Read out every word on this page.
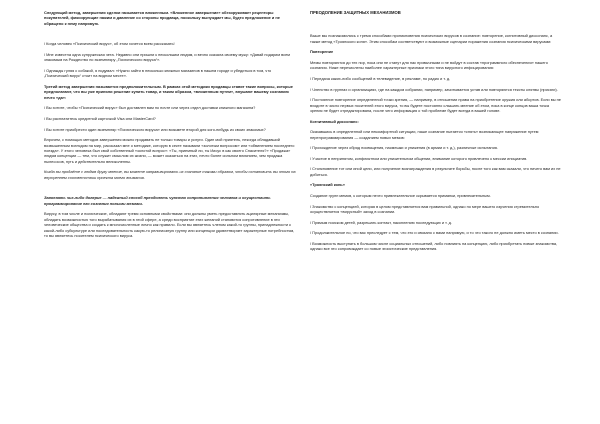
Следующий метод, завершения сделки называется вложенным. «Вложенное завершение» обезоруживает рецепторы покупателей, фиксирующие нажим и давление со стороны продавца, поскольку вынуждает мы, будто предложение и не обращено к нему напрямую.

/ Когда человек «Психический вирус», об этом хочется всем рассказать!

/ Мне известна одна супружеская чета. Недавно они пришли к нескольким людям, и вечно сказала своему мужу: «Давай подарим всем знакомым на Рождество по экземпляру „Психического вируса“».

/ Однажды гуляя с собакой, я подумал: «Нужно зайти в несколько книжных магазинов в нашем городе и убедиться в том, что „Психический вирус“ стоит на видном месте».

Третий метод завершения называется предположительным. В рамках этой методики продавцы ставят такие вопросы, которые предполагают, что вы уже приняли решение купить товар, и таким образом, «вложенным путем», внушают вашему сознанию нечто «да»:

/ Вы хотите, чтобы «Психический вирус» был доставлен вам по почте или через отдел доставки книжного магазина?

/ Вы расплатитесь кредитной карточкой Visa или MasterCard?

/ Вы хотите приобрести один экземпляр «Психического вируса» или возьмете второй для кого-нибудь из своих знакомых?

Впрочем, с помощью методов завершения можно продавать не только товары и услуги. Один мой приятель, некогда обладавший возвышенным взглядом на мир, рассказал мне о методике, которую в секте называли «золотым вопросом» или «обвинением последнего поезда». У этого человека был свой собственный «золотой вопрос»: «Ты, приемный ли, ты Иисус в как своего Спасителя?» «Продажа» людям концепции — тем, что служит смыслом их жизни, — может оказаться на этих, нечто более сильном влиянием, чем продажа пылесосов, путь и действительно великолепны.

Когда вы продаёте с людям другу мнение, вы можете заправивировать их сознание такими образом, чтобы остановить вы этого на внутреннем соответствии проекта моего внимания.

Завоевать чье-либо доверие — надежный способ преодолеть чувство сопротивления человека и осуществить программирование его сознания новыми мемами.

Вирусу, в том числе и психические, обладают тремя основными свойствами: они должны уметь предоставлять ацилярные механизмы, обладать возможностью того вырабатывания их в этой сфере, а среди восприятие этих желаний становится сопротивление в эти человеческие общества и создать к многочисленные лично как правило. Если вы являетесь членом какой-то группы, принадлежности к какой-либо субкультуре или последовательность какую-то религиозную группу или концепции удовлетворяет характерные потребностям, то вы являетесь носителем психического вируса.

ПРЕОДОЛЕНИЕ ЗАЩИТНЫХ МЕХАНИЗМОВ

Выше мы познакомились с тремя способами проникновения психических вирусов в сознание: повторение, когнитивный диссонанс, а также метод «Троянского коня». Этим способам соответствуют и возможные сценарии поражения сознания психическими вирусами:

Повторение

Мемы повторяются до тех пор, пока они не станут для нас привычными и не войдут в состав «программного обеспечения» нашего сознания. Ниже перечислены наиболее характерные признаки этого типа вирусного инфицирования:

/ Передача каких-либо сообщений в телевидение, в рекламе, по радио и т. д.

/ Членство в группах и организациях, где на каждом собрании, например, зачитывается устав или повторяются тексты клятвы (присяги).

/ Постоянное повторение определенной точки зрения, — например, в отношении права на приобретение оружия или абортов. Если вы не входите в число первых носителей этого вируса, то вы будете постоянно слышать мнение об этом, пока в конце концов ваша точка зрения не будет отредактирована, после чего информация о той проблеме будет всегда в вашей голове.

Когнитивный диссонанс:

Оказавшись в определенной или некомфортной ситуации, наше сознание пытается «снять» возникающее напряжение путем перепрограммирования — созданием новых мемов:

/ Прохождение через обряд посвящения, насмешки и унижения (в армии и т. д.), различные испытания.

/ Участие в непринятом, конфликтном или унизительном общении, внимание которого привлечено к мессии инициатив.

/ Столкновение тот или иной цели, или получение вознаграждения в результате борьбы, после того как вам сказали, что ничего вам их не добиться.

«Троянский конь»

Создание групп мемов, к которым нечто привлекательное скрывается приманки, привлекательным.

/ Знакомство с концепцией, которая в целом представляется вам правильной, однако по мере вашего изучения стремительно осуществляется «вирусный» заход в сознании.

/ Прямым поиском детей, разрешать контакт, накоплению последующих и т. д.

/ Продолжительное по, что вас преследует с тем, что это и связано с вами напрямую, и то что такого не должно иметь место в сознании.

/ Возможность выступать в большом числе социальных отношений, либо повлиять на концепцию, либо приобретать новые знакомства, однако все это сопровождает со новые эгоистические представления.
